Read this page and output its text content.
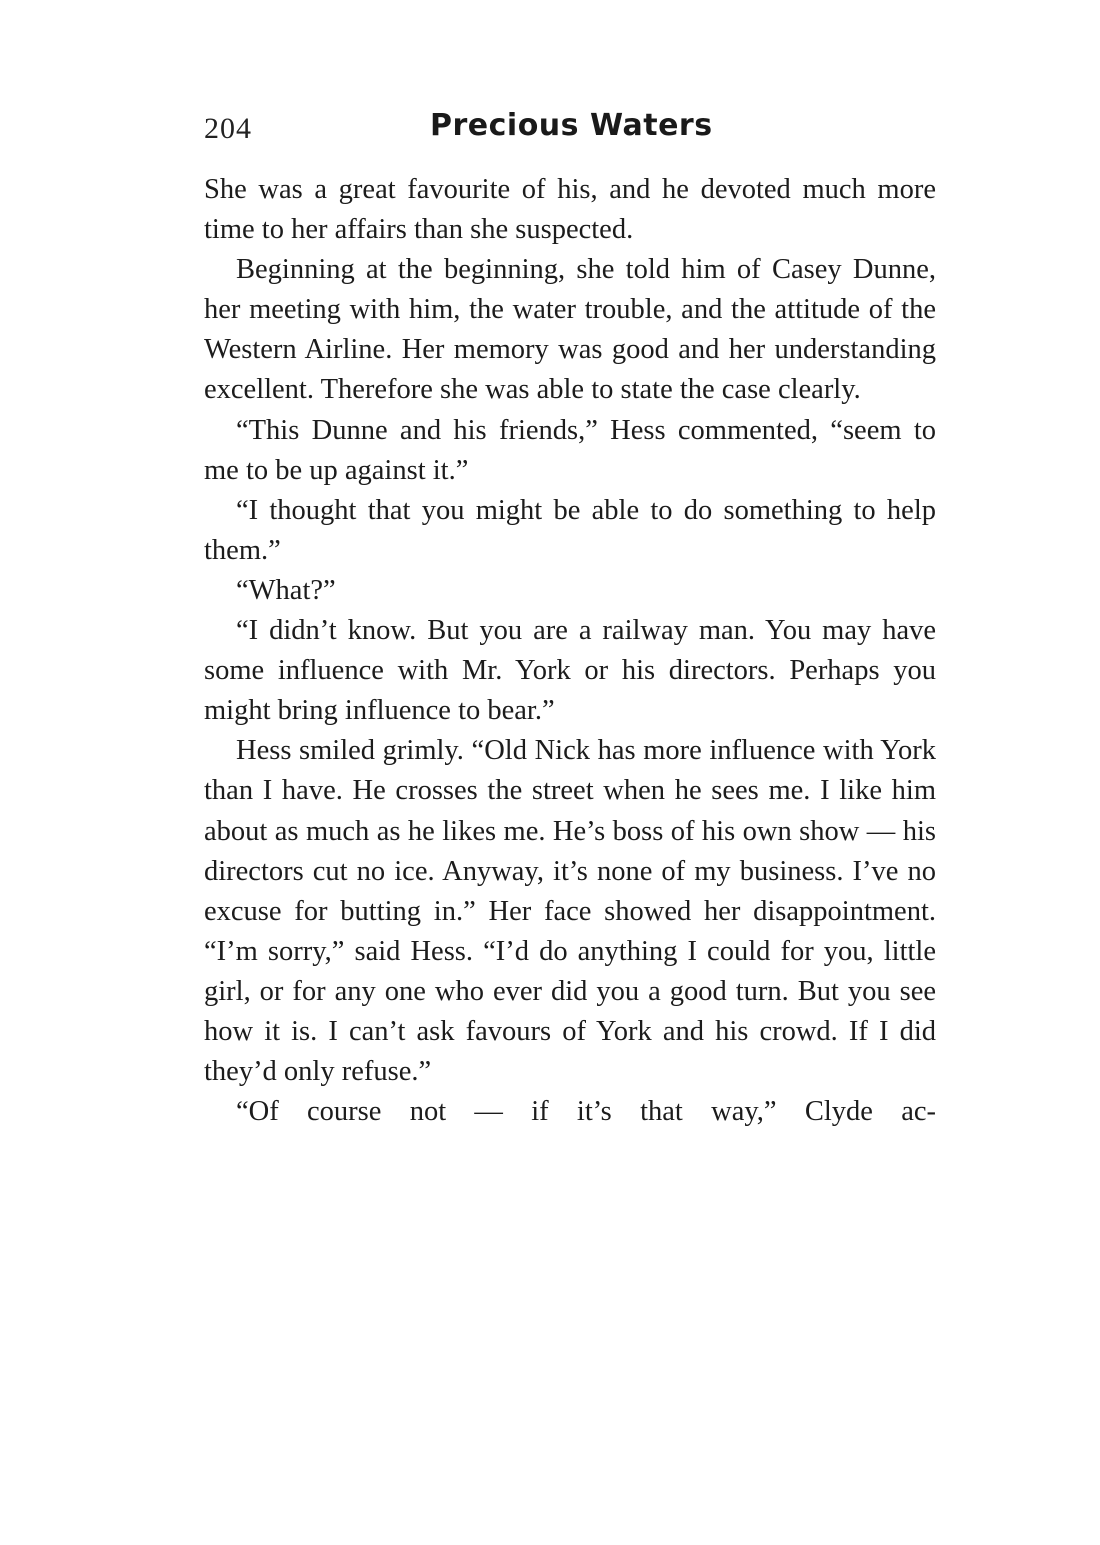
204	Precious Waters

She was a great favourite of his, and he devoted much more time to her affairs than she suspected.

Beginning at the beginning, she told him of Casey Dunne, her meeting with him, the water trouble, and the attitude of the Western Airline. Her memory was good and her understanding excellent. Therefore she was able to state the case clearly.

“This Dunne and his friends,” Hess commented, “seem to me to be up against it.”

“I thought that you might be able to do something to help them.”

“What?”

“I didn’t know. But you are a railway man. You may have some influence with Mr. York or his directors. Perhaps you might bring influence to bear.”

Hess smiled grimly. “Old Nick has more influence with York than I have. He crosses the street when he sees me. I like him about as much as he likes me. He’s boss of his own show — his directors cut no ice. Anyway, it’s none of my business. I’ve no excuse for butting in.” Her face showed her disappointment. “I’m sorry,” said Hess. “I’d do anything I could for you, little girl, or for any one who ever did you a good turn. But you see how it is. I can’t ask favours of York and his crowd. If I did they’d only refuse.”

“Of course not — if it’s that way,” Clyde ac-
